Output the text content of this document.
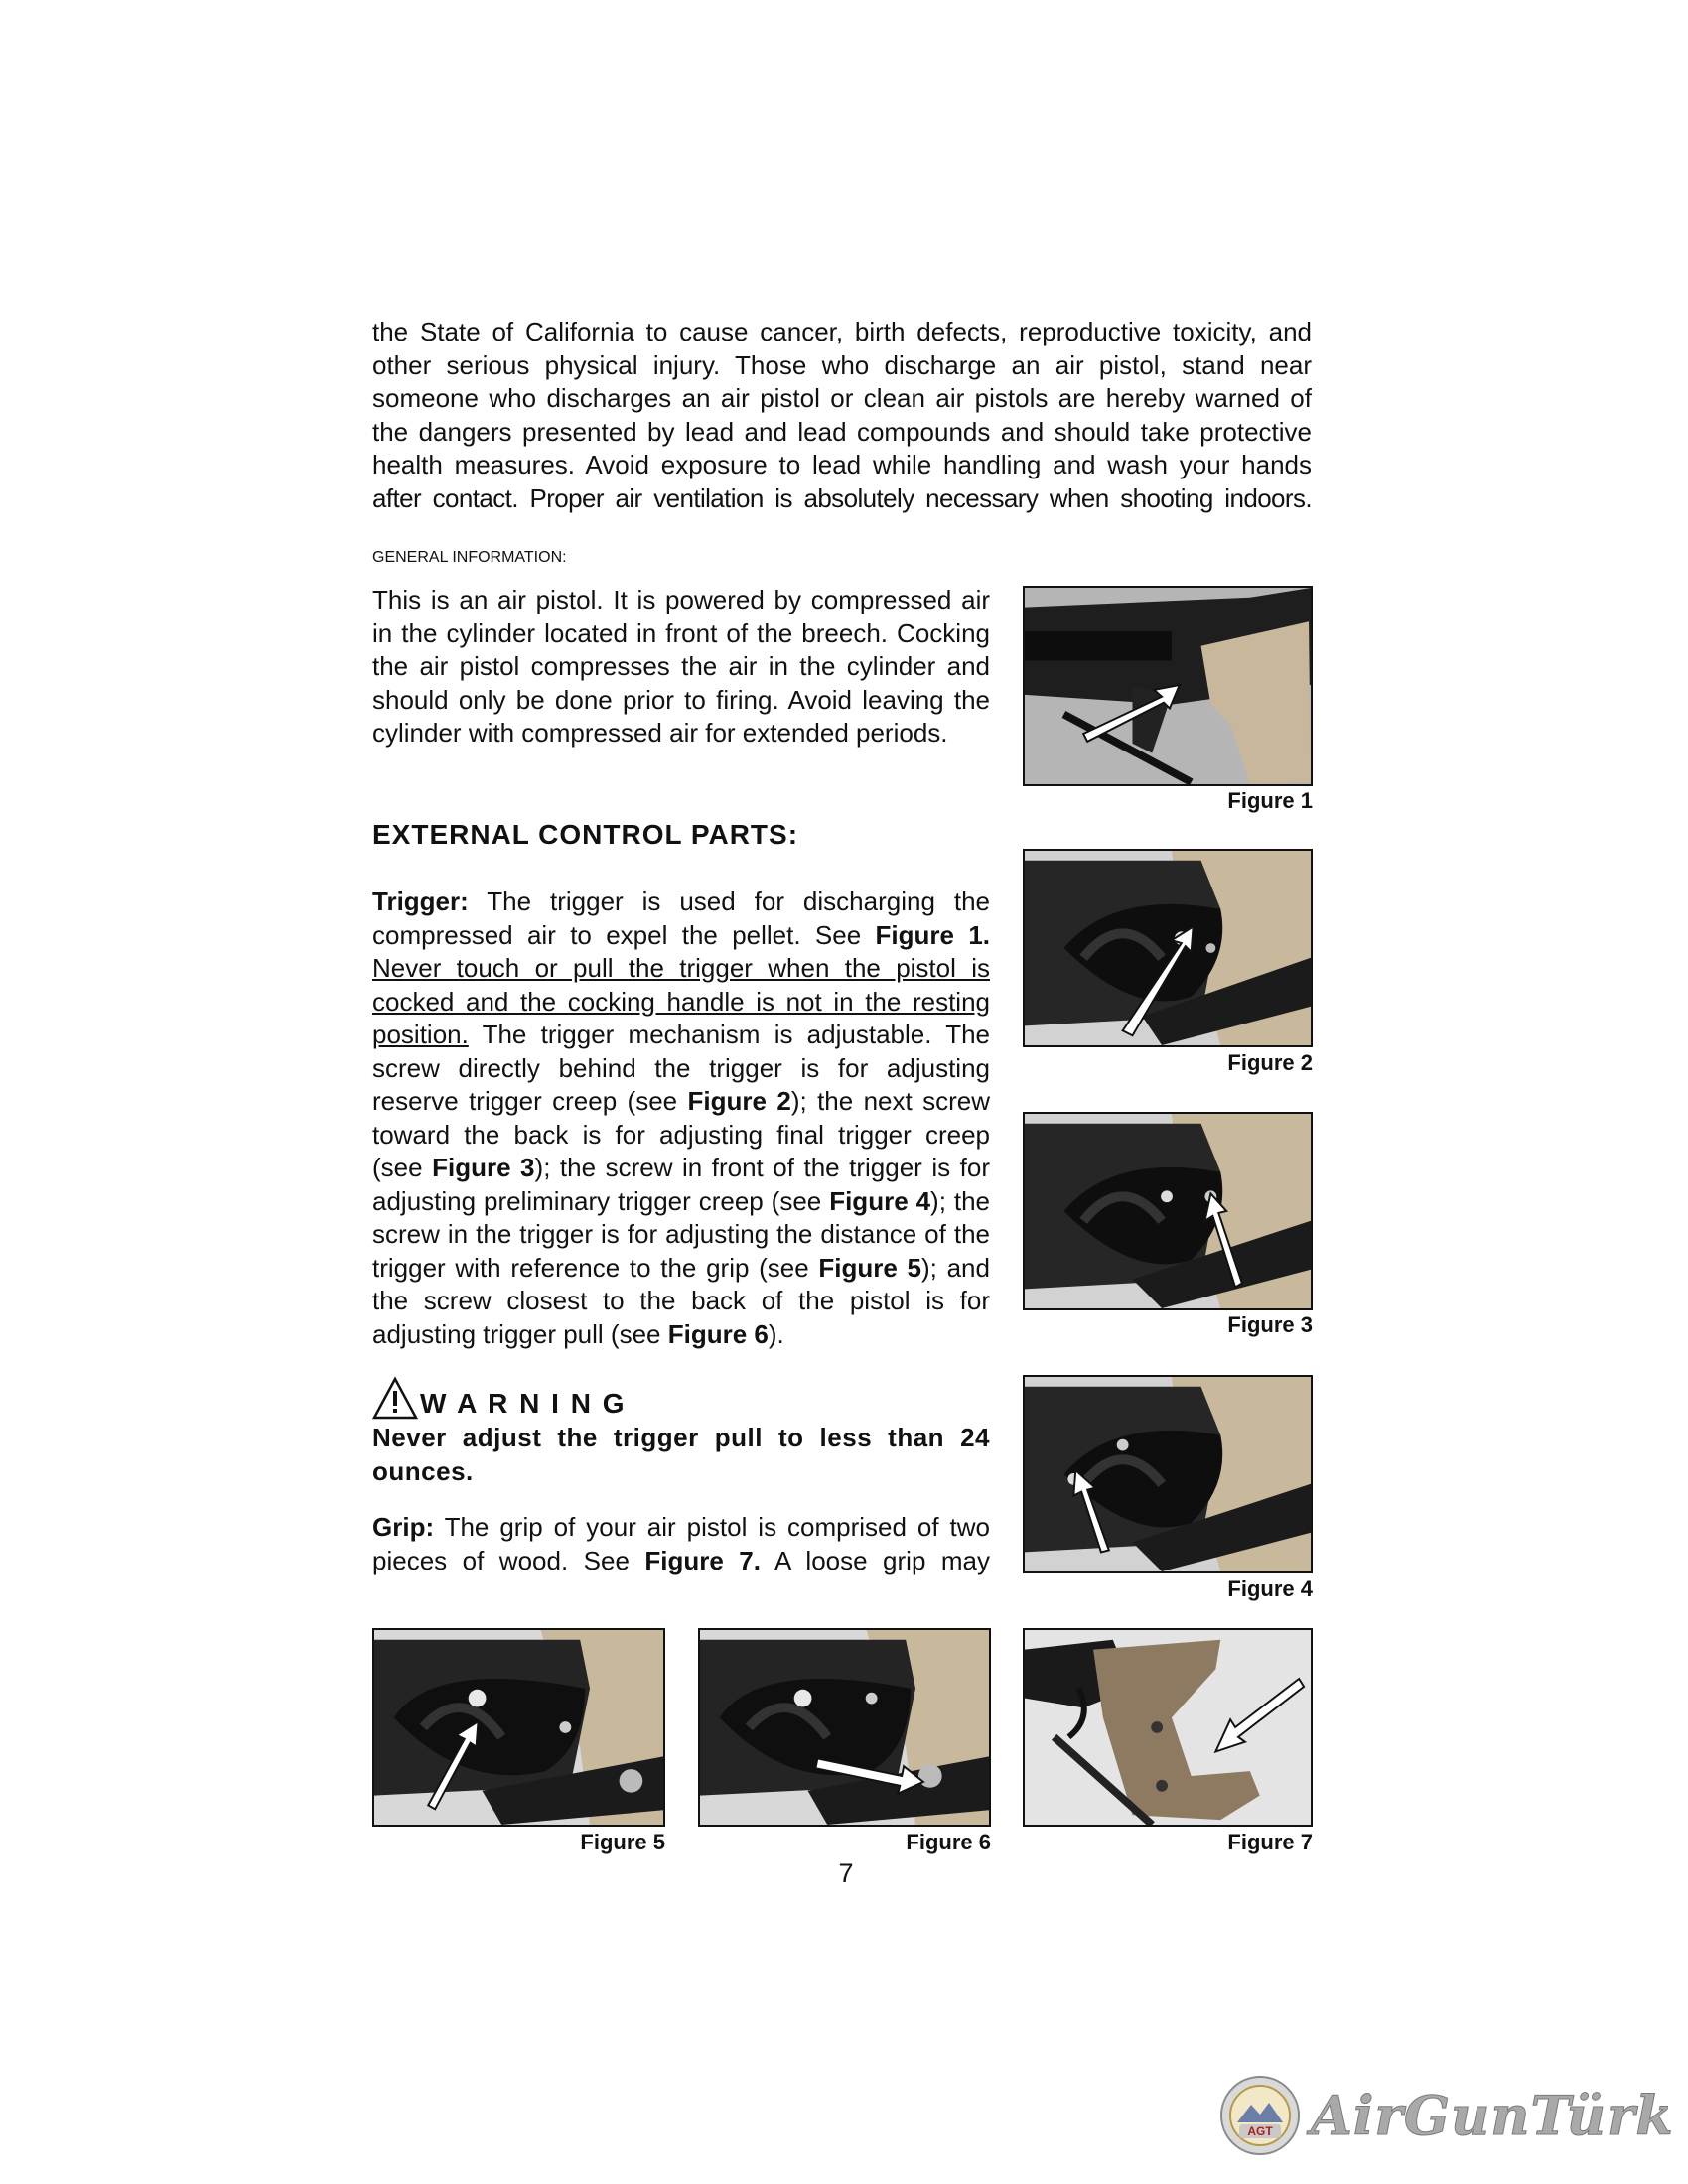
the State of California to cause cancer, birth defects, reproductive toxicity, and

other serious physical injury. Those who discharge an air pistol, stand near

someone who discharges an air pistol or clean air pistols are hereby warned of

the dangers presented by lead and lead compounds and should take protective

health measures. Avoid exposure to lead while handling and wash your hands

after contact. Proper air ventilation is absolutely necessary when shooting indoors.

GENERAL INFORMATION:

This is an air pistol. It is powered by compressed air

in the cylinder located in front of the breech. Cocking

the air pistol compresses the air in the cylinder and

should only be done prior to firing. Avoid leaving the

cylinder with compressed air for extended periods.

EXTERNAL CONTROL PARTS:
Trigger: The trigger is used for discharging the compressed air to expel the pellet. See Figure 1. Never touch or pull the trigger when the pistol is cocked and the cocking handle is not in the resting position. The trigger mechanism is adjustable. The screw directly behind the trigger is for adjusting reserve trigger creep (see Figure 2); the next screw toward the back is for adjusting final trigger creep (see Figure 3); the screw in front of the trigger is for adjusting preliminary trigger creep (see Figure 4); the screw in the trigger is for adjusting the distance of the trigger with reference to the grip (see Figure 5); and the screw closest to the back of the pistol is for adjusting trigger pull (see Figure 6).
W A R N I N G

Never adjust the trigger pull to less than 24 ounces.

Grip: The grip of your air pistol is comprised of two pieces of wood. See Figure 7. A loose grip may
Figure 1
Figure 2
Figure 3
Figure 4
Figure 5	Figure 6	Figure 7
7
AGT AirGunTürk
